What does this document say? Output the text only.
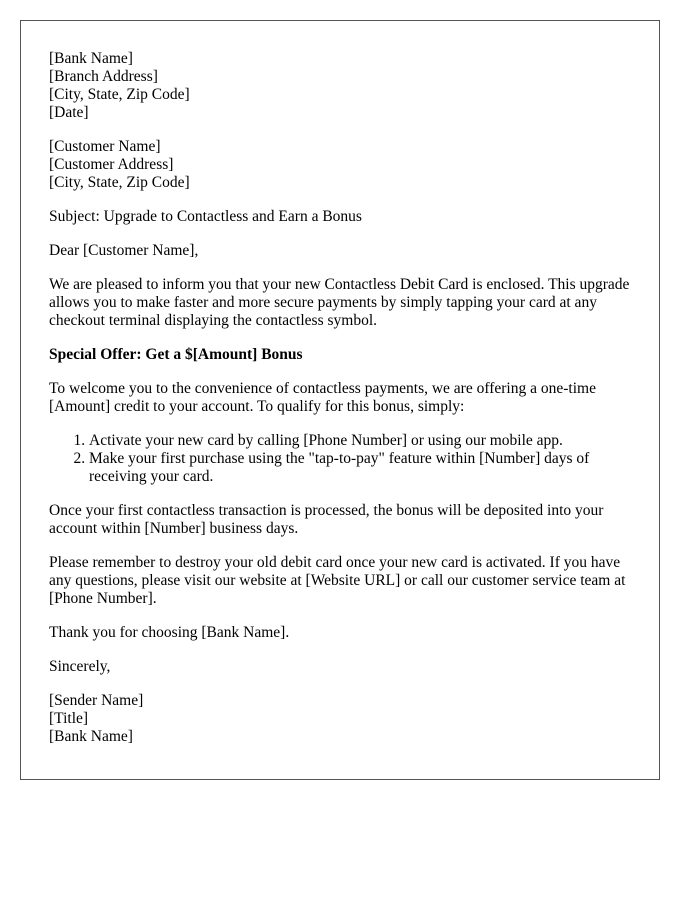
[Bank Name]
[Branch Address]
[City, State, Zip Code]
[Date]
[Customer Name]
[Customer Address]
[City, State, Zip Code]

Subject: Upgrade to Contactless and Earn a Bonus

Dear [Customer Name],

We are pleased to inform you that your new Contactless Debit Card is enclosed. This upgrade allows you to make faster and more secure payments by simply tapping your card at any checkout terminal displaying the contactless symbol.

Special Offer: Get a $[Amount] Bonus

To welcome you to the convenience of contactless payments, we are offering a one-time [Amount] credit to your account. To qualify for this bonus, simply:

1. Activate your new card by calling [Phone Number] or using our mobile app.
2. Make your first purchase using the "tap-to-pay" feature within [Number] days of receiving your card.

Once your first contactless transaction is processed, the bonus will be deposited into your account within [Number] business days.

Please remember to destroy your old debit card once your new card is activated. If you have any questions, please visit our website at [Website URL] or call our customer service team at [Phone Number].

Thank you for choosing [Bank Name].

Sincerely,

[Sender Name]
[Title]
[Bank Name]
